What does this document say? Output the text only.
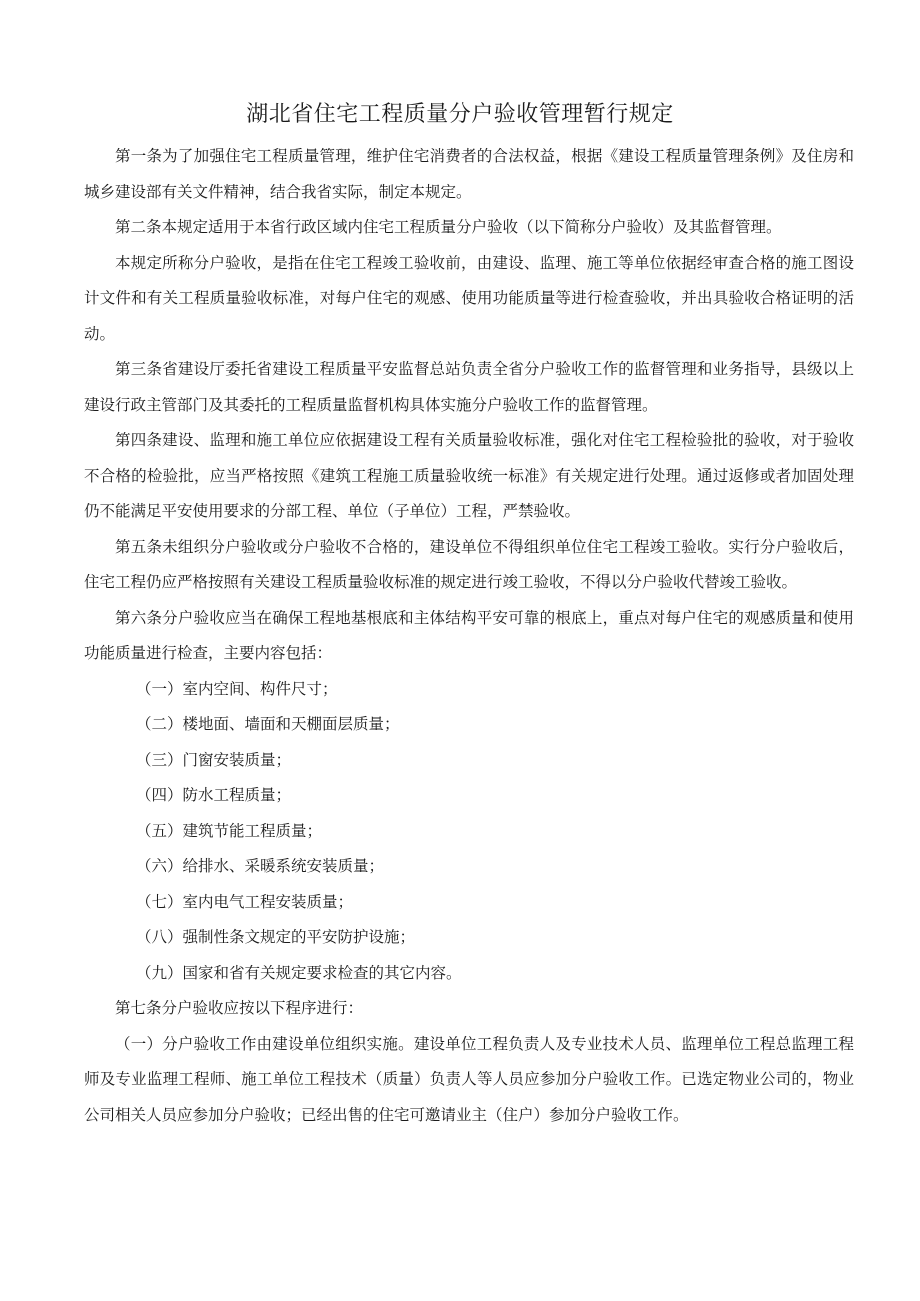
湖北省住宅工程质量分户验收管理暂行规定

第一条为了加强住宅工程质量管理，维护住宅消费者的合法权益，根据《建设工程质量管理条例》及住房和城乡建设部有关文件精神，结合我省实际，制定本规定。

第二条本规定适用于本省行政区域内住宅工程质量分户验收（以下简称分户验收）及其监督管理。

本规定所称分户验收，是指在住宅工程竣工验收前，由建设、监理、施工等单位依据经审查合格的施工图设计文件和有关工程质量验收标准，对每户住宅的观感、使用功能质量等进行检查验收，并出具验收合格证明的活动。

第三条省建设厅委托省建设工程质量平安监督总站负责全省分户验收工作的监督管理和业务指导，县级以上建设行政主管部门及其委托的工程质量监督机构具体实施分户验收工作的监督管理。

第四条建设、监理和施工单位应依据建设工程有关质量验收标准，强化对住宅工程检验批的验收，对于验收不合格的检验批，应当严格按照《建筑工程施工质量验收统一标准》有关规定进行处理。通过返修或者加固处理仍不能满足平安使用要求的分部工程、单位（子单位）工程，严禁验收。

第五条未组织分户验收或分户验收不合格的，建设单位不得组织单位住宅工程竣工验收。实行分户验收后，住宅工程仍应严格按照有关建设工程质量验收标准的规定进行竣工验收，不得以分户验收代替竣工验收。

第六条分户验收应当在确保工程地基根底和主体结构平安可靠的根底上，重点对每户住宅的观感质量和使用功能质量进行检查，主要内容包括：

（一）室内空间、构件尺寸；

（二）楼地面、墙面和天棚面层质量；

（三）门窗安装质量；

（四）防水工程质量；

（五）建筑节能工程质量；

（六）给排水、采暖系统安装质量；

（七）室内电气工程安装质量；

（八）强制性条文规定的平安防护设施；

（九）国家和省有关规定要求检查的其它内容。

第七条分户验收应按以下程序进行：

（一）分户验收工作由建设单位组织实施。建设单位工程负责人及专业技术人员、监理单位工程总监理工程师及专业监理工程师、施工单位工程技术（质量）负责人等人员应参加分户验收工作。已选定物业公司的，物业公司相关人员应参加分户验收；已经出售的住宅可邀请业主（住户）参加分户验收工作。
